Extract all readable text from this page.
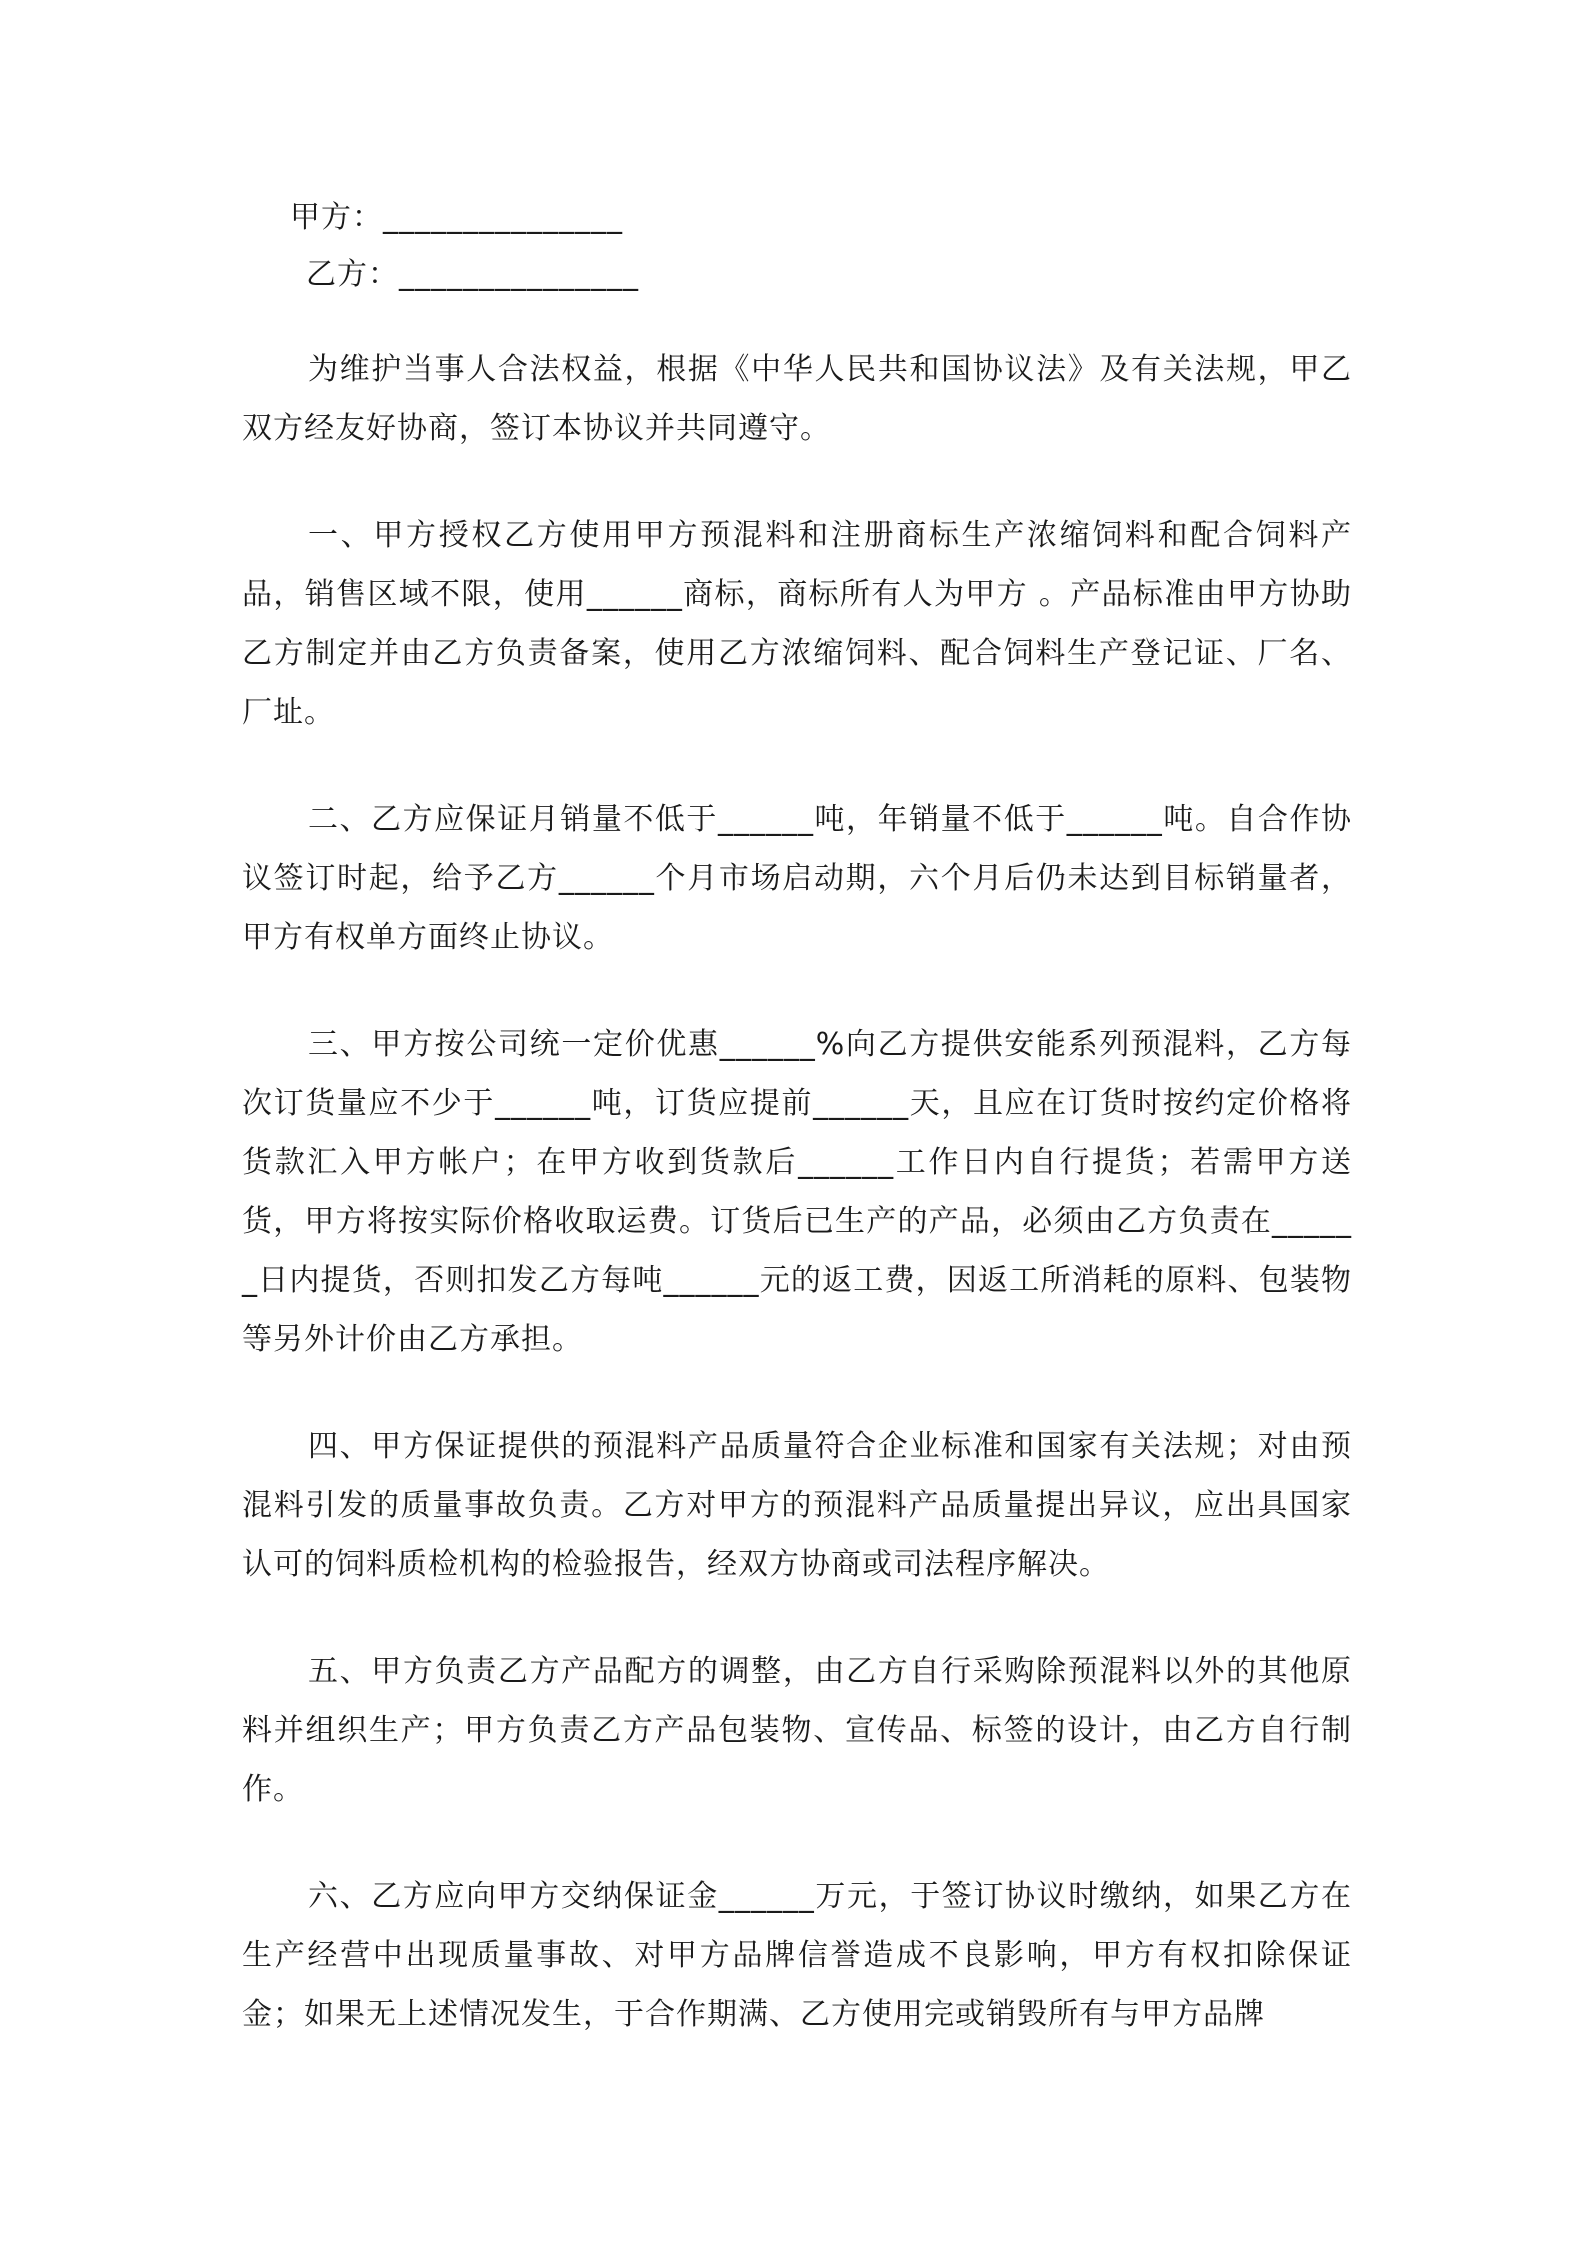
甲方：_______________
乙方：_______________

为维护当事人合法权益，根据《中华人民共和国协议法》及有关法规，甲乙双方经友好协商，签订本协议并共同遵守。

一、甲方授权乙方使用甲方预混料和注册商标生产浓缩饲料和配合饲料产品，销售区域不限，使用______商标，商标所有人为甲方 。产品标准由甲方协助乙方制定并由乙方负责备案，使用乙方浓缩饲料、配合饲料生产登记证、厂名、厂址。

二、乙方应保证月销量不低于______吨，年销量不低于______吨。自合作协议签订时起，给予乙方______个月市场启动期，六个月后仍未达到目标销量者，甲方有权单方面终止协议。

三、甲方按公司统一定价优惠______%向乙方提供安能系列预混料，乙方每次订货量应不少于______吨，订货应提前______天，且应在订货时按约定价格将货款汇入甲方帐户；在甲方收到货款后______工作日内自行提货；若需甲方送货，甲方将按实际价格收取运费。订货后已生产的产品，必须由乙方负责在______日内提货，否则扣发乙方每吨______元的返工费，因返工所消耗的原料、包装物等另外计价由乙方承担。

四、甲方保证提供的预混料产品质量符合企业标准和国家有关法规；对由预混料引发的质量事故负责。乙方对甲方的预混料产品质量提出异议，应出具国家认可的饲料质检机构的检验报告，经双方协商或司法程序解决。

五、甲方负责乙方产品配方的调整，由乙方自行采购除预混料以外的其他原料并组织生产；甲方负责乙方产品包装物、宣传品、标签的设计，由乙方自行制作。

六、乙方应向甲方交纳保证金______万元，于签订协议时缴纳，如果乙方在生产经营中出现质量事故、对甲方品牌信誉造成不良影响，甲方有权扣除保证金；如果无上述情况发生，于合作期满、乙方使用完或销毁所有与甲方品牌
